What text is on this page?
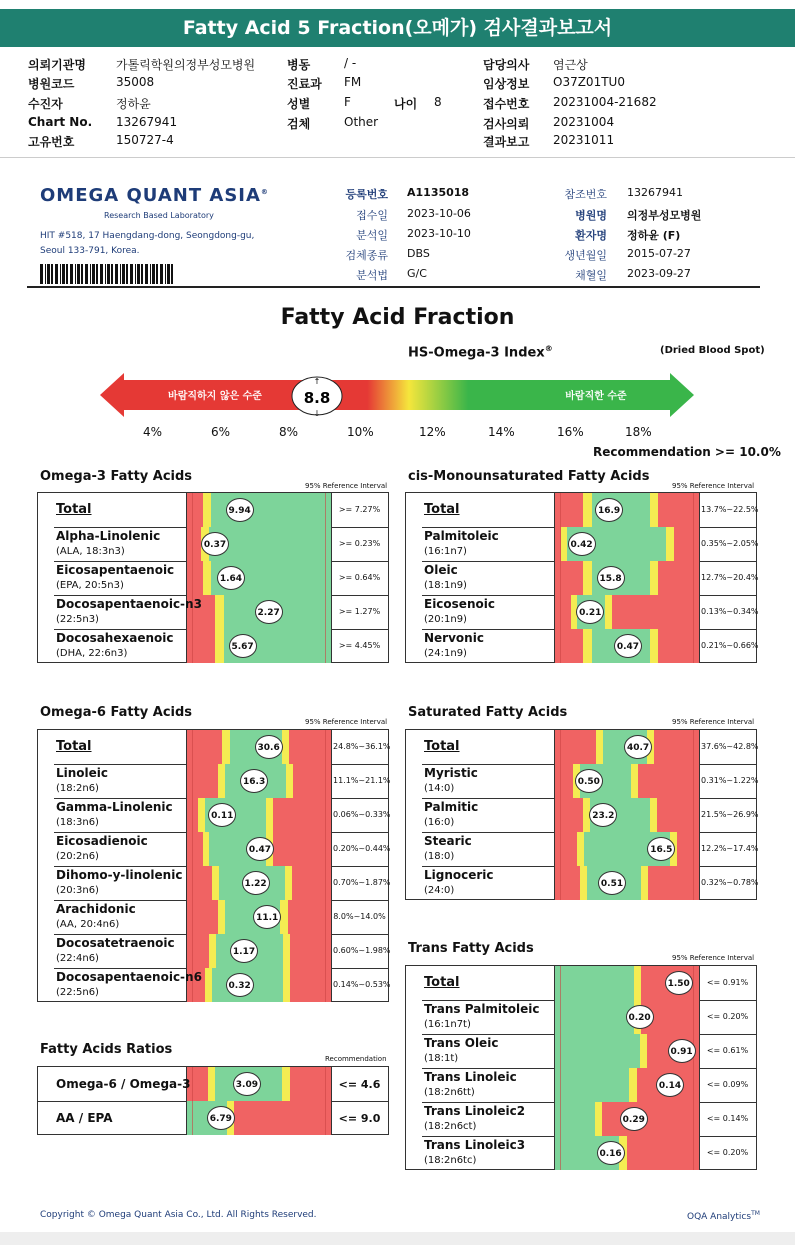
Fatty Acid 5 Fraction(오메가) 검사결과보고서
의뢰기관명	가톨릭학원의정부성모병원
병원코드	35008
수진자	정하윤
Chart No. 13267941
고유번호	150727-4
병동	/ -
진료과 FM
성별	F
검체	Other
담당의사 염근상
임상정보 O37Z01TU0
접수번호 20231004-21682
검사의뢰 20231004
결과보고 20231011
나이 8
OMEGA QUANT ASIA®
Research Based Laboratory
HIT #518, 17 Haengdang-dong, Seongdong-gu,
Seoul 133-791, Korea.
등록번호 A1135018
접수일 2023-10-06
분석일 2023-10-10
검체종류 DBS
분석법 G/C
참조번호 13267941
병원명 의정부성모병원
환자명 정하윤 (F)
생년월일 2015-07-27
채혈일 2023-09-27
Fatty Acid Fraction
HS-Omega-3 Index®	(Dried Blood Spot)
바람직하지 않은 수준	바람직한 수준
8.8
↑
↓
4%	6%	8%	10%	12%	14%	16%	18%
Recommendation >= 10.0%
Omega-3 Fatty Acids
95% Reference Interval
Total	9.94	>= 7.27%
Alpha-Linolenic
(ALA, 18:3n3)
0.37	>= 0.23%
Eicosapentaenoic
(EPA, 20:5n3)
1.64	>= 0.64%
Docosapentaenoic-n3
(22:5n3)
2.27	>= 1.27%
Docosahexaenoic
(DHA, 22:6n3)
5.67	>= 4.45%
cis-Monounsaturated Fatty Acids
95% Reference Interval
Total	16.9	13.7%~22.5%
Palmitoleic
(16:1n7)
0.42	0.35%~2.05%
Oleic
(18:1n9)
15.8	12.7%~20.4%
Eicosenoic
(20:1n9)
0.21	0.13%~0.34%
Nervonic
(24:1n9)
0.47	0.21%~0.66%
Omega-6 Fatty Acids
95% Reference Interval
Total	30.6	24.8%~36.1%
Linoleic
(18:2n6)
16.3	11.1%~21.1%
Gamma-Linolenic
(18:3n6)
0.11	0.06%~0.33%
Eicosadienoic
(20:2n6)
0.47	0.20%~0.44%
Dihomo-y-linolenic
(20:3n6)
1.22	0.70%~1.87%
Arachidonic
(AA, 20:4n6)
11.1	8.0%~14.0%
Docosatetraenoic
(22:4n6)
1.17	0.60%~1.98%
Docosapentaenoic-n6
(22:5n6)
0.32	0.14%~0.53%
Saturated Fatty Acids
95% Reference Interval
Total	40.7	37.6%~42.8%
Myristic
(14:0)
0.50	0.31%~1.22%
Palmitic
(16:0)
23.2	21.5%~26.9%
Stearic
(18:0)
16.5	12.2%~17.4%
Lignoceric
(24:0)
0.51	0.32%~0.78%
Trans Fatty Acids
95% Reference Interval
Total	1.50	<= 0.91%
Trans Palmitoleic
(16:1n7t)
0.20	<= 0.20%
Trans Oleic
(18:1t)
0.91	<= 0.61%
Trans Linoleic
(18:2n6tt)
0.14	<= 0.09%
Trans Linoleic2
(18:2n6ct)
0.29	<= 0.14%
Trans Linoleic3
(18:2n6tc)
0.16	<= 0.20%
Fatty Acids Ratios
Recommendation
Omega-6 / Omega-3	3.09	<= 4.6
AA / EPA	6.79	<= 9.0
Copyright © Omega Quant Asia Co., Ltd. All Rights Reserved.	OQA Analytics™
